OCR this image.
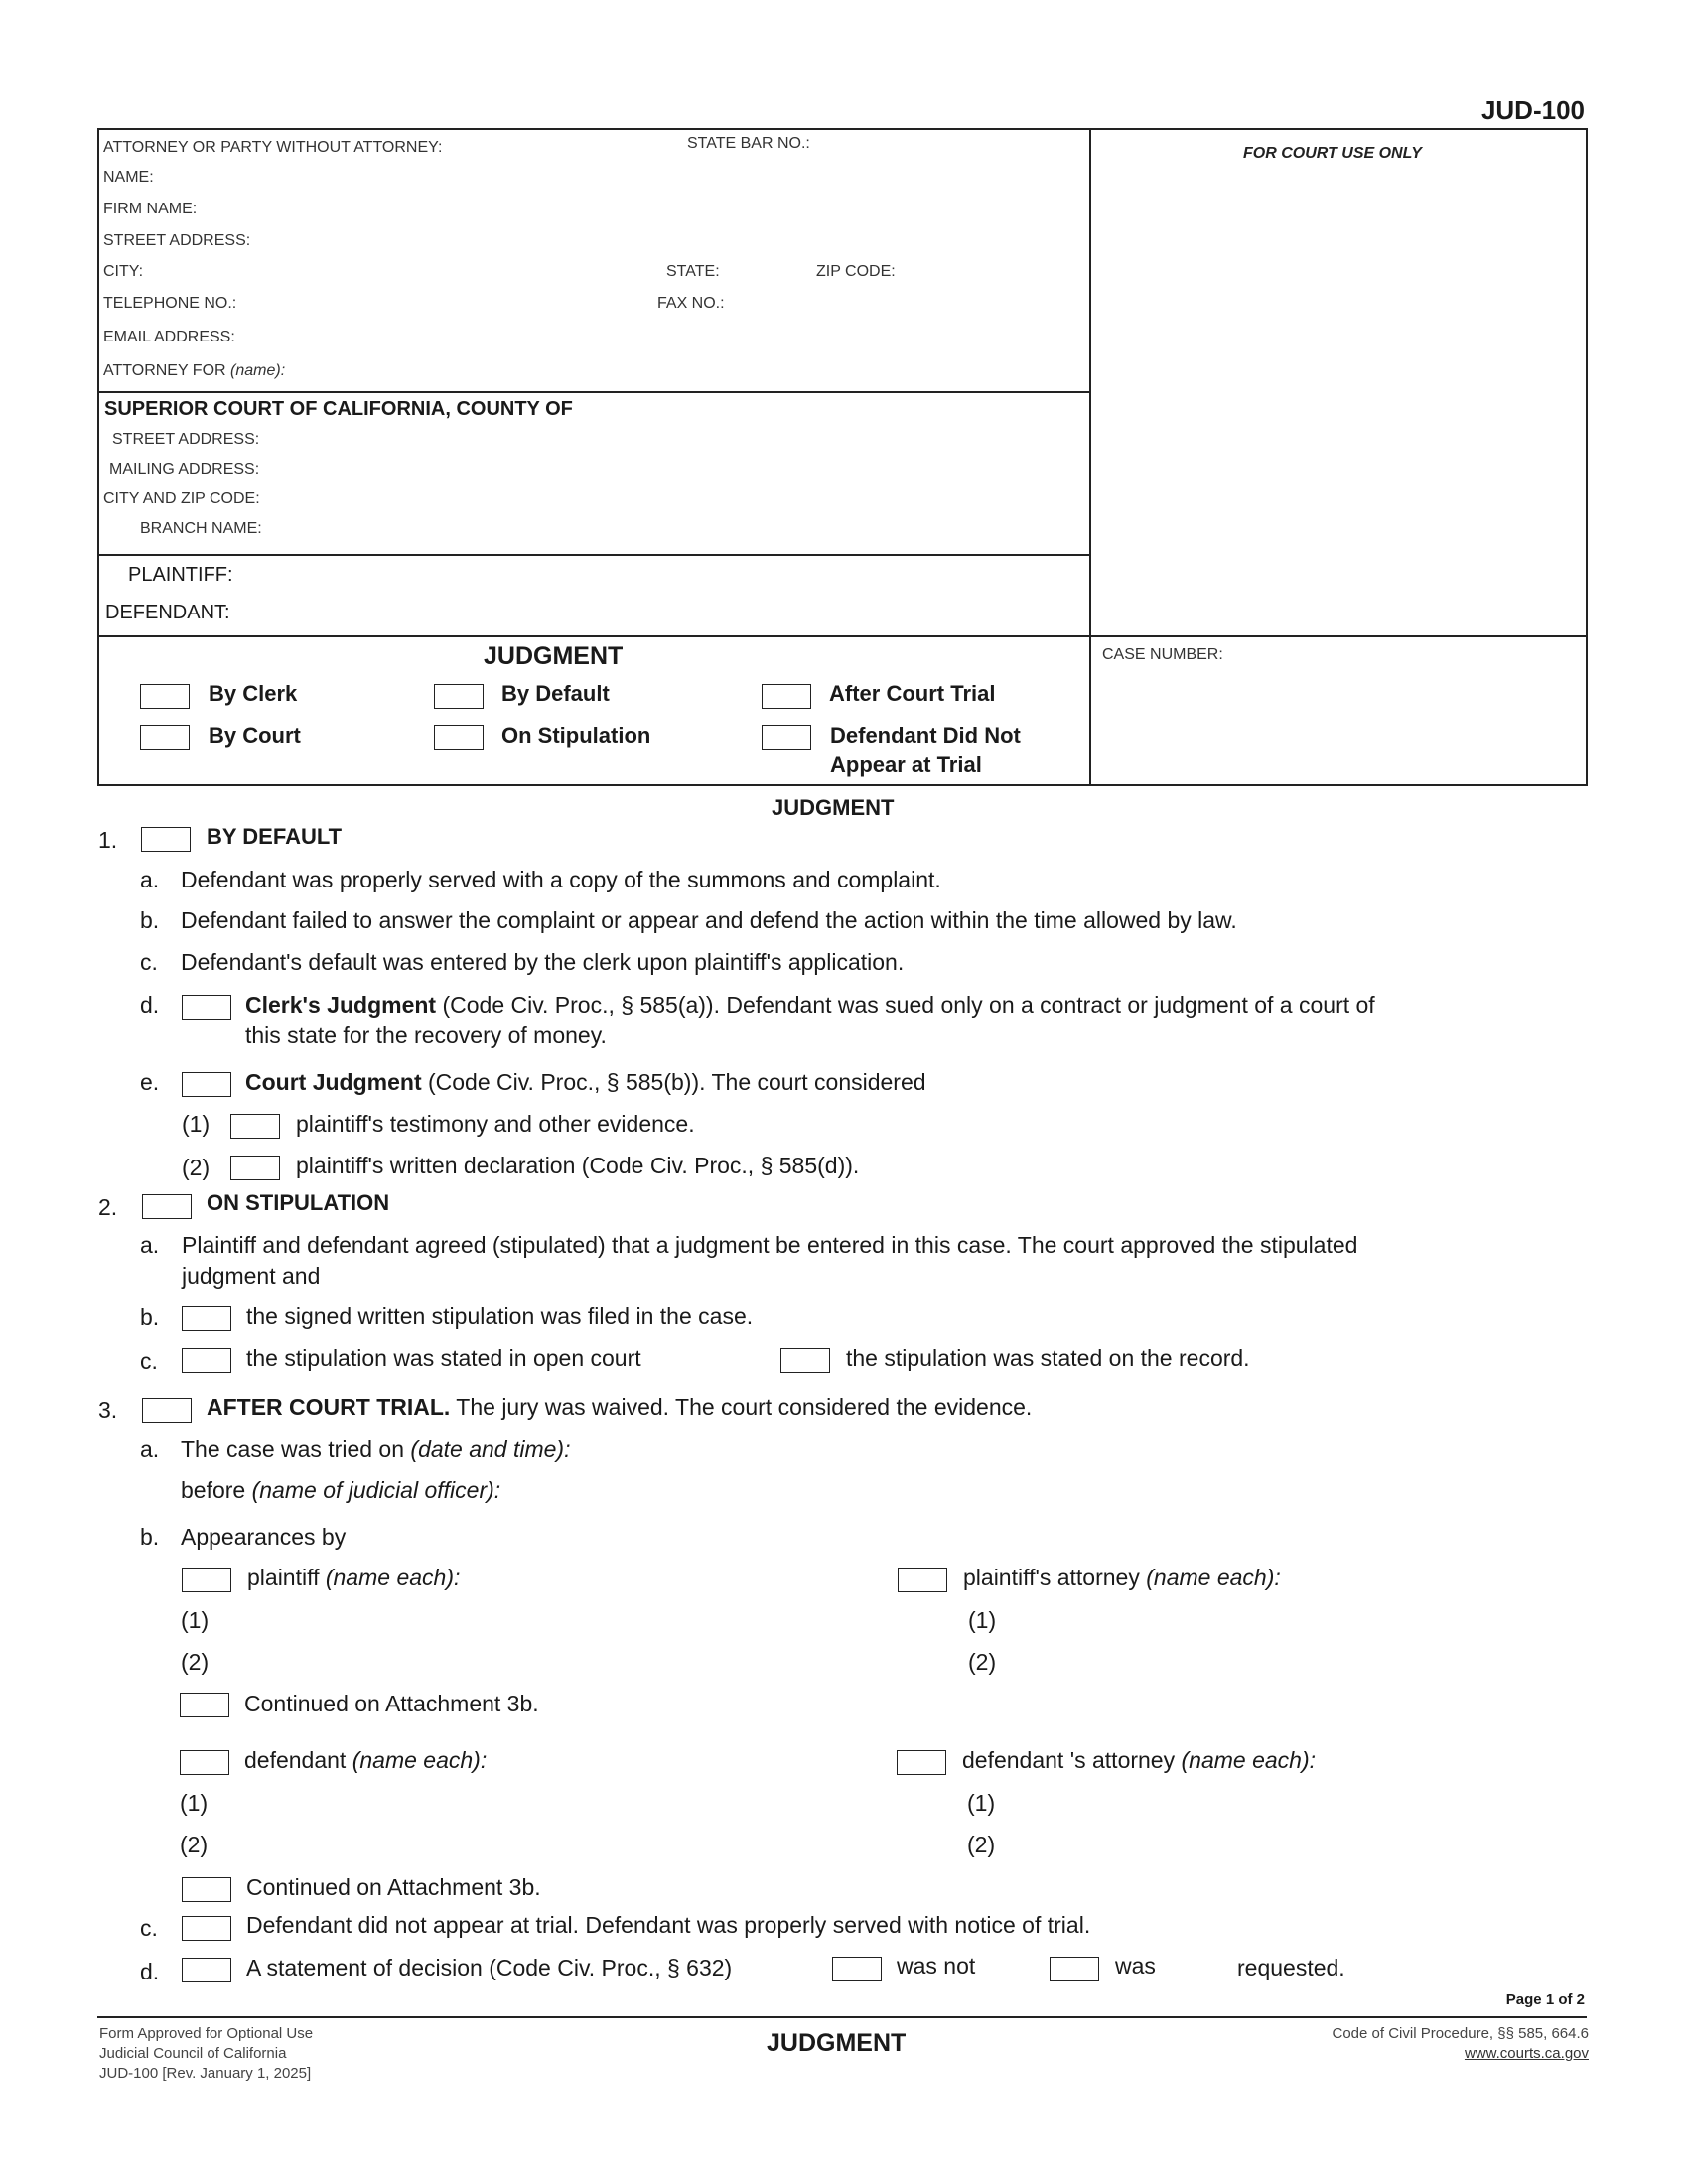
JUD-100
ATTORNEY OR PARTY WITHOUT ATTORNEY:	STATE BAR NO.:
NAME:
FIRM NAME:
STREET ADDRESS:
CITY:	STATE:	ZIP CODE:
TELEPHONE NO.:	FAX NO.:
EMAIL ADDRESS:
ATTORNEY FOR (name):
FOR COURT USE ONLY
SUPERIOR COURT OF CALIFORNIA, COUNTY OF
STREET ADDRESS:
MAILING ADDRESS:
CITY AND ZIP CODE:
BRANCH NAME:
PLAINTIFF:
DEFENDANT:
JUDGMENT	CASE NUMBER:
By Clerk	By Default	After Court Trial
By Court	On Stipulation	Defendant Did Not
Appear at Trial
JUDGMENT
1.	BY DEFAULT
a. Defendant was properly served with a copy of the summons and complaint.
b. Defendant failed to answer the complaint or appear and defend the action within the time allowed by law.
c. Defendant's default was entered by the clerk upon plaintiff's application.
d.	Clerk's Judgment (Code Civ. Proc., § 585(a)). Defendant was sued only on a contract or judgment of a court of
this state for the recovery of money.
e.	Court Judgment (Code Civ. Proc., § 585(b)). The court considered
(1)	plaintiff's testimony and other evidence.
(2)	plaintiff's written declaration (Code Civ. Proc., § 585(d)).
2.	ON STIPULATION
a. Plaintiff and defendant agreed (stipulated) that a judgment be entered in this case. The court approved the stipulated
judgment and
b.	the signed written stipulation was filed in the case.
c.	the stipulation was stated in open court	the stipulation was stated on the record.
3.	AFTER COURT TRIAL. The jury was waived. The court considered the evidence.
a. The case was tried on (date and time):
before (name of judicial officer):
b. Appearances by
plaintiff (name each):
(1)
(2)
plaintiff's attorney (name each):
(1)
(2)
Continued on Attachment 3b.
defendant (name each):
(1)
(2)
defendant 's attorney (name each):
(1)
(2)
Continued on Attachment 3b.
c.	Defendant did not appear at trial. Defendant was properly served with notice of trial.
d.	A statement of decision (Code Civ. Proc., § 632)	was not	was	requested.
Page 1 of 2
Form Approved for Optional Use
Judicial Council of California
JUD-100 [Rev. January 1, 2025]
JUDGMENT	Code of Civil Procedure, §§ 585, 664.6
www.courts.ca.gov
